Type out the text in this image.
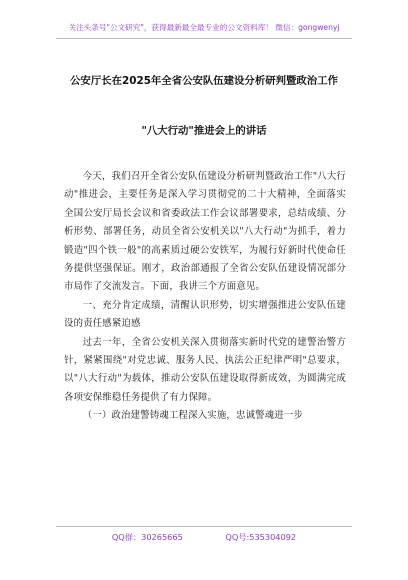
关注头条号"公文研究"，获得最新最全最专业的公文资料库！ 微信：gongwenyj
公安厅长在2025年全省公安队伍建设分析研判暨政治工作
"八大行动"推进会上的讲话

今天，我们召开全省公安队伍建设分析研判暨政治工作"八大行动"推进会，主要任务是深入学习贯彻党的二十大精神，全面落实全国公安厅局长会议和省委政法工作会议部署要求，总结成绩、分析形势、部署任务，动员全省公安机关以"八大行动"为抓手，着力锻造"四个铁一般"的高素质过硬公安铁军，为履行好新时代使命任务提供坚强保证。刚才，政治部通报了全省公安队伍建设情况部分市局作了交流发言。下面，我讲三个方面意见。

一、充分肯定成绩，清醒认识形势，切实增强推进公安队伍建设的责任感紧迫感

过去一年，全省公安机关深入贯彻落实新时代党的建警治警方针，紧紧围绕"对党忠诚、服务人民、执法公正纪律严明"总要求，以"八大行动"为载体，推动公安队伍建设取得新成效，为圆满完成各项安保维稳任务提供了有力保障。

（一）政治建警铸魂工程深入实施，忠诚警魂进一步

QQ群：30265665	QQ号:535304092
